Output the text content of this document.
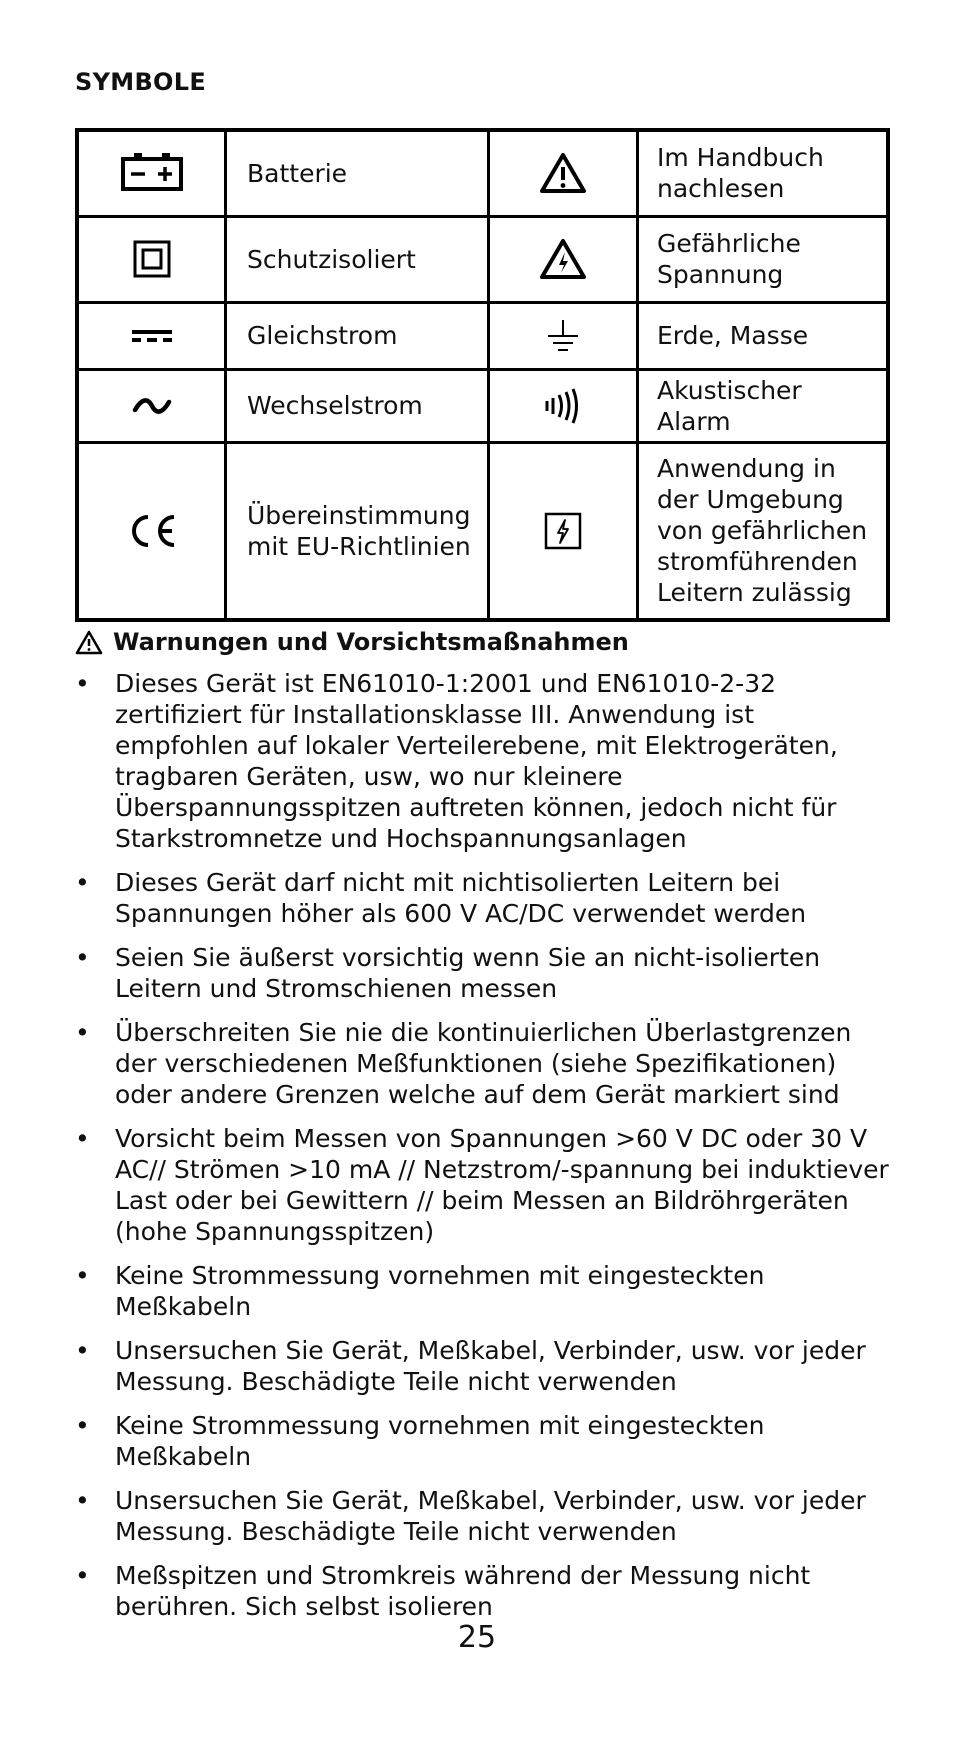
SYMBOLE
	Batterie		Im Handbuch nachlesen

	Schutzisoliert		Gefährliche Spannung

	Gleichstrom		Erde, Masse

	Wechselstrom		Akustischer Alarm

	Übereinstimmung mit EU-Richtlinien		Anwendung in der Umgebung von gefährlichen stromführenden Leitern zulässig
Warnungen und Vorsichtsmaßnahmen
• Dieses Gerät ist EN61010-1:2001 und EN61010-2-32 zertifiziert für Installationsklasse III. Anwendung ist empfohlen auf lokaler Verteilerebene, mit Elektrogeräten, tragbaren Geräten, usw, wo nur kleinere Überspannungsspitzen auftreten können, jedoch nicht für Starkstromnetze und Hochspannungsanlagen
• Dieses Gerät darf nicht mit nichtisolierten Leitern bei Spannungen höher als 600 V AC/DC verwendet werden
• Seien Sie äußerst vorsichtig wenn Sie an nicht-isolierten Leitern und Stromschienen messen
• Überschreiten Sie nie die kontinuierlichen Überlastgrenzen der verschiedenen Meßfunktionen (siehe Spezifikationen) oder andere Grenzen welche auf dem Gerät markiert sind
• Vorsicht beim Messen von Spannungen >60 V DC oder 30 V AC// Strömen >10 mA // Netzstrom/-spannung bei induktiever Last oder bei Gewittern // beim Messen an Bildröhrgeräten (hohe Spannungsspitzen)
• Keine Strommessung vornehmen mit eingesteckten Meßkabeln
• Unsersuchen Sie Gerät, Meßkabel, Verbinder, usw. vor jeder Messung. Beschädigte Teile nicht verwenden
• Keine Strommessung vornehmen mit eingesteckten Meßkabeln
• Unsersuchen Sie Gerät, Meßkabel, Verbinder, usw. vor jeder Messung. Beschädigte Teile nicht verwenden
• Meßspitzen und Stromkreis während der Messung nicht berühren. Sich selbst isolieren
25
